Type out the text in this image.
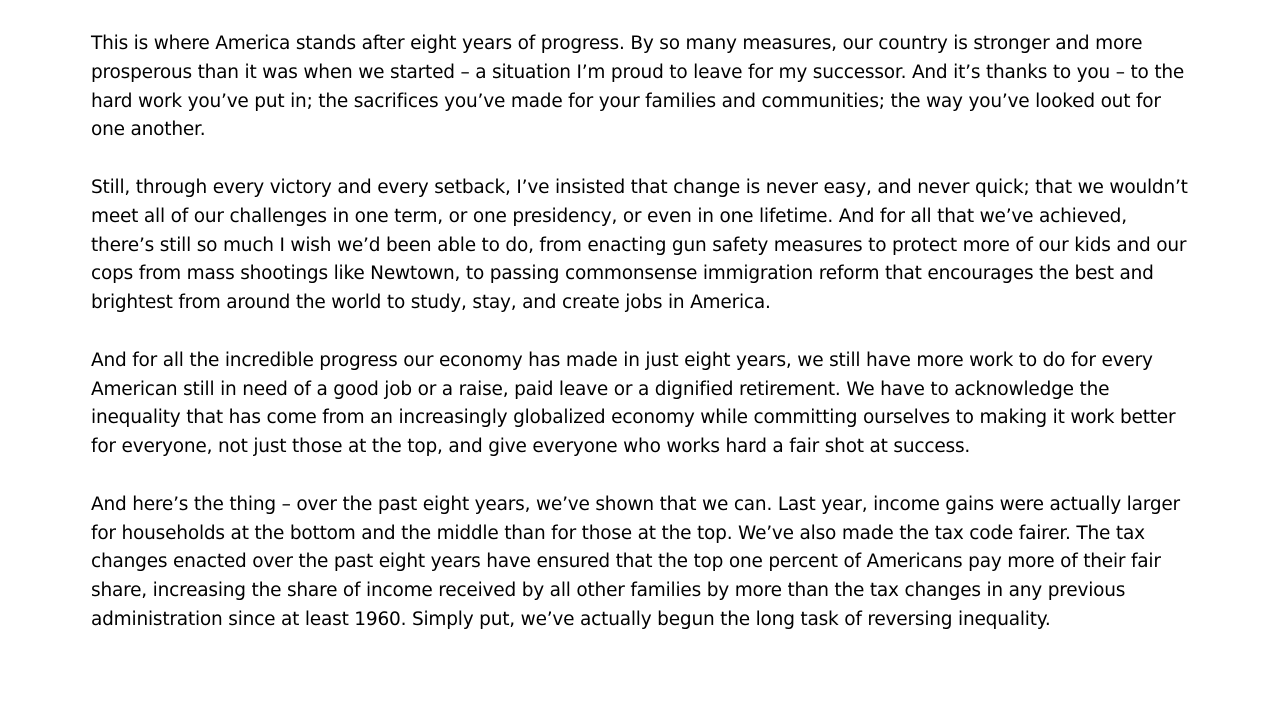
This is where America stands after eight years of progress. By so many measures, our country is stronger and more prosperous than it was when we started – a situation I’m proud to leave for my successor. And it’s thanks to you – to the hard work you’ve put in; the sacrifices you’ve made for your families and communities; the way you’ve looked out for one another.

Still, through every victory and every setback, I’ve insisted that change is never easy, and never quick; that we wouldn’t meet all of our challenges in one term, or one presidency, or even in one lifetime. And for all that we’ve achieved, there’s still so much I wish we’d been able to do, from enacting gun safety measures to protect more of our kids and our cops from mass shootings like Newtown, to passing commonsense immigration reform that encourages the best and brightest from around the world to study, stay, and create jobs in America.

And for all the incredible progress our economy has made in just eight years, we still have more work to do for every American still in need of a good job or a raise, paid leave or a dignified retirement. We have to acknowledge the inequality that has come from an increasingly globalized economy while committing ourselves to making it work better for everyone, not just those at the top, and give everyone who works hard a fair shot at success.

And here’s the thing – over the past eight years, we’ve shown that we can. Last year, income gains were actually larger for households at the bottom and the middle than for those at the top. We’ve also made the tax code fairer. The tax changes enacted over the past eight years have ensured that the top one percent of Americans pay more of their fair share, increasing the share of income received by all other families by more than the tax changes in any previous administration since at least 1960. Simply put, we’ve actually begun the long task of reversing inequality.
